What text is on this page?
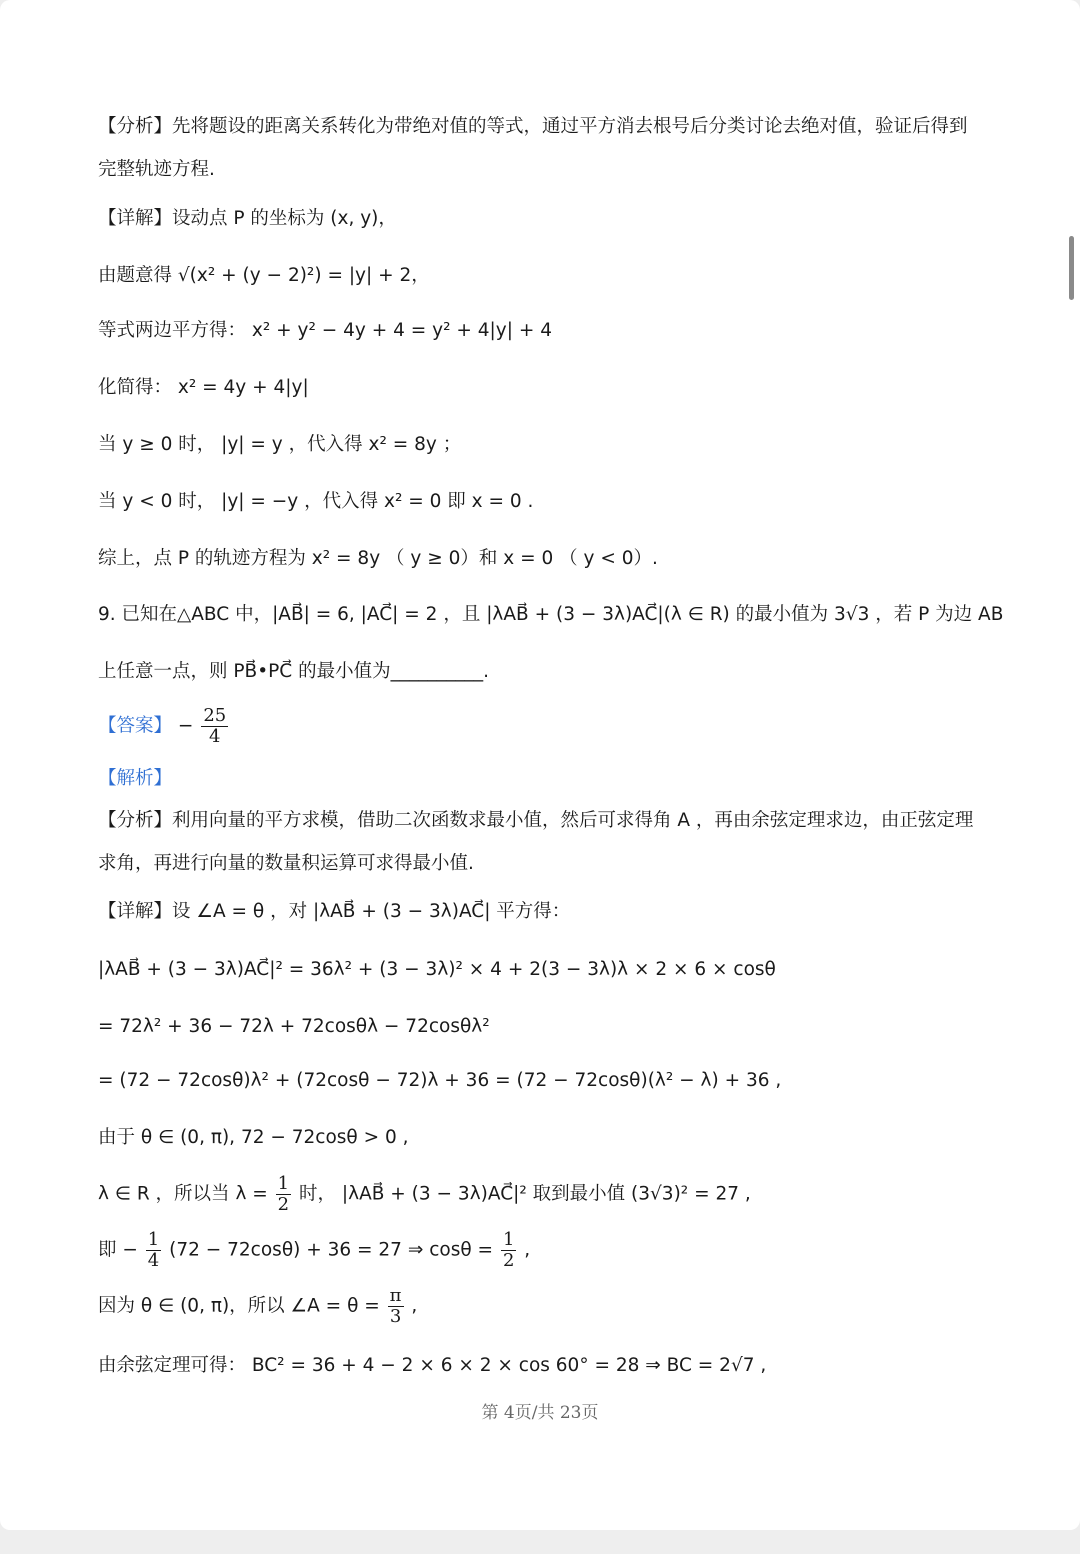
【分析】先将题设的距离关系转化为带绝对值的等式，通过平方消去根号后分类讨论去绝对值，验证后得到

完整轨迹方程.

【详解】设动点 P 的坐标为 (x, y)，

由题意得 √(x² + (y − 2)²) = |y| + 2，

等式两边平方得： x² + y² − 4y + 4 = y² + 4|y| + 4

化简得： x² = 4y + 4|y|

当 y ≥ 0 时， |y| = y ，代入得 x² = 8y ；

当 y < 0 时， |y| = −y ，代入得 x² = 0 即 x = 0 .

综上，点 P 的轨迹方程为 x² = 8y （ y ≥ 0）和 x = 0 （ y < 0）.

9. 已知在△ABC 中，|AB⃗| = 6, |AC⃗| = 2 ，且 |λAB⃗ + (3 − 3λ)AC⃗|(λ ∈ R) 的最小值为 3√3 ，若 P 为边 AB

上任意一点，则 PB⃗•PC⃗ 的最小值为__________.

【答案】 − $\frac{25}{4}$

【解析】

【分析】利用向量的平方求模，借助二次函数求最小值，然后可求得角 A ，再由余弦定理求边，由正弦定理

求角，再进行向量的数量积运算可求得最小值.

【详解】设 ∠A = θ ，对 |λAB⃗ + (3 − 3λ)AC⃗| 平方得：

|λAB⃗ + (3 − 3λ)AC⃗|² = 36λ² + (3 − 3λ)² × 4 + 2(3 − 3λ)λ × 2 × 6 × cosθ

= 72λ² + 36 − 72λ + 72cosθλ − 72cosθλ²

= (72 − 72cosθ)λ² + (72cosθ − 72)λ + 36 = (72 − 72cosθ)(λ² − λ) + 36 ,

由于 θ ∈ (0, π), 72 − 72cosθ > 0 ,

λ ∈ R ，所以当 $\lambda = \frac{1}{2}$ 时， |λAB⃗ + (3 − 3λ)AC⃗|² 取到最小值 (3√3)² = 27 ,
即 − $\frac{1}{4} (72 - 72\cos\theta) + 36 = 27$ ⇒ $\cos\theta = \frac{1}{2}$ ,
因为 θ ∈ (0, π)，所以 ∠A = $\theta = \frac{\pi}{3}$ ,

由余弦定理可得： BC² = 36 + 4 − 2 × 6 × 2 × cos 60° = 28 ⇒ BC = 2√7 ,

第 4页/共 23页
